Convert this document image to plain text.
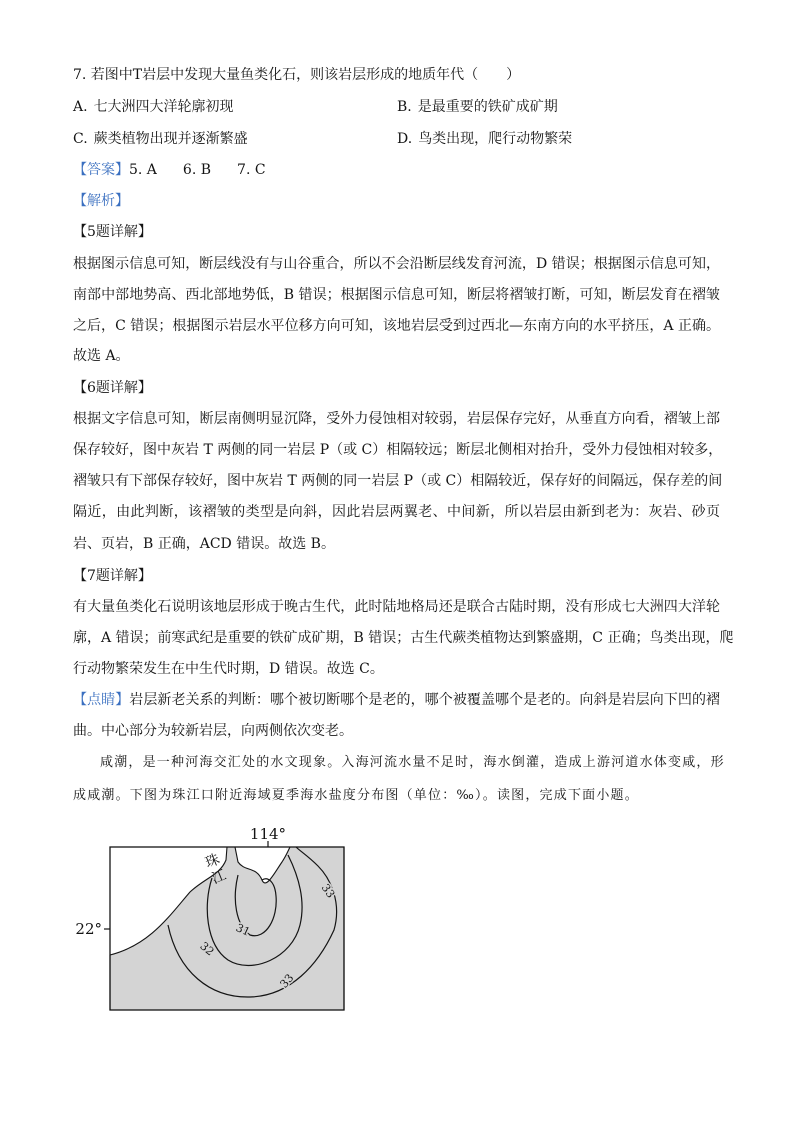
7. 若图中T岩层中发现大量鱼类化石，则该岩层形成的地质年代（　　）
A. 七大洲四大洋轮廓初现	B. 是最重要的铁矿成矿期
C. 蕨类植物出现并逐渐繁盛	D. 鸟类出现，爬行动物繁荣
【答案】5. A 6. B 7. C
【解析】
【5题详解】
根据图示信息可知，断层线没有与山谷重合，所以不会沿断层线发育河流，D 错误；根据图示信息可知，
南部中部地势高、西北部地势低，B 错误；根据图示信息可知，断层将褶皱打断，可知，断层发育在褶皱
之后，C 错误；根据图示岩层水平位移方向可知，该地岩层受到过西北—东南方向的水平挤压，A 正确。
故选 A。
【6题详解】
根据文字信息可知，断层南侧明显沉降，受外力侵蚀相对较弱，岩层保存完好，从垂直方向看，褶皱上部
保存较好，图中灰岩 T 两侧的同一岩层 P（或 C）相隔较远；断层北侧相对抬升，受外力侵蚀相对较多，
褶皱只有下部保存较好，图中灰岩 T 两侧的同一岩层 P（或 C）相隔较近，保存好的间隔远，保存差的间
隔近，由此判断，该褶皱的类型是向斜，因此岩层两翼老、中间新，所以岩层由新到老为：灰岩、砂页
岩、页岩，B 正确，ACD 错误。故选 B。
【7题详解】
有大量鱼类化石说明该地层形成于晚古生代，此时陆地格局还是联合古陆时期，没有形成七大洲四大洋轮
廓，A 错误；前寒武纪是重要的铁矿成矿期，B 错误；古生代蕨类植物达到繁盛期，C 正确；鸟类出现，爬
行动物繁荣发生在中生代时期，D 错误。故选 C。
【点睛】岩层新老关系的判断：哪个被切断哪个是老的，哪个被覆盖哪个是老的。向斜是岩层向下凹的褶
曲。中心部分为较新岩层，向两侧依次变老。
咸潮，是一种河海交汇处的水文现象。入海河流水量不足时，海水倒灌，造成上游河道水体变咸，形
成咸潮。下图为珠江口附近海域夏季海水盐度分布图（单位：‰）。读图，完成下面小题。
31
32
33
33
114°
22°
珠江
